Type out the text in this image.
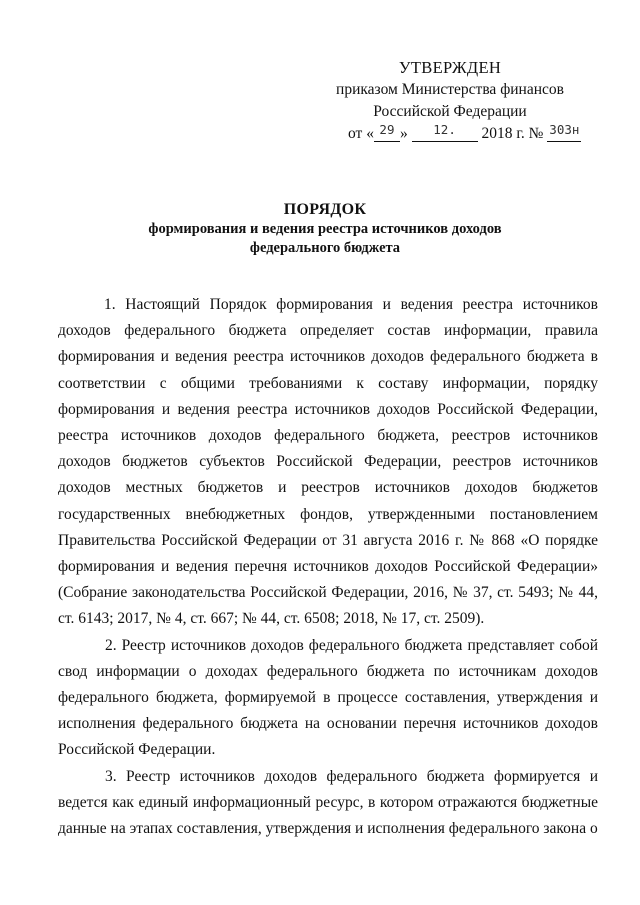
УТВЕРЖДЕН
приказом Министерства финансов
Российской Федерации
от « 29 » 12. 2018 г. № 303н
ПОРЯДОК
формирования и ведения реестра источников доходов
федерального бюджета

1. Настоящий Порядок формирования и ведения реестра источников доходов федерального бюджета определяет состав информации, правила формирования и ведения реестра источников доходов федерального бюджета в соответствии с общими требованиями к составу информации, порядку формирования и ведения реестра источников доходов Российской Федерации, реестра источников доходов федерального бюджета, реестров источников доходов бюджетов субъектов Российской Федерации, реестров источников доходов местных бюджетов и реестров источников доходов бюджетов государственных внебюджетных фондов, утвержденными постановлением Правительства Российской Федерации от 31 августа 2016 г. № 868 «О порядке формирования и ведения перечня источников доходов Российской Федерации» (Собрание законодательства Российской Федерации, 2016, № 37, ст. 5493; № 44, ст. 6143; 2017, № 4, ст. 667; № 44, ст. 6508; 2018, № 17, ст. 2509).

2. Реестр источников доходов федерального бюджета представляет собой свод информации о доходах федерального бюджета по источникам доходов федерального бюджета, формируемой в процессе составления, утверждения и исполнения федерального бюджета на основании перечня источников доходов Российской Федерации.

3. Реестр источников доходов федерального бюджета формируется и ведется как единый информационный ресурс, в котором отражаются бюджетные данные на этапах составления, утверждения и исполнения федерального закона о
